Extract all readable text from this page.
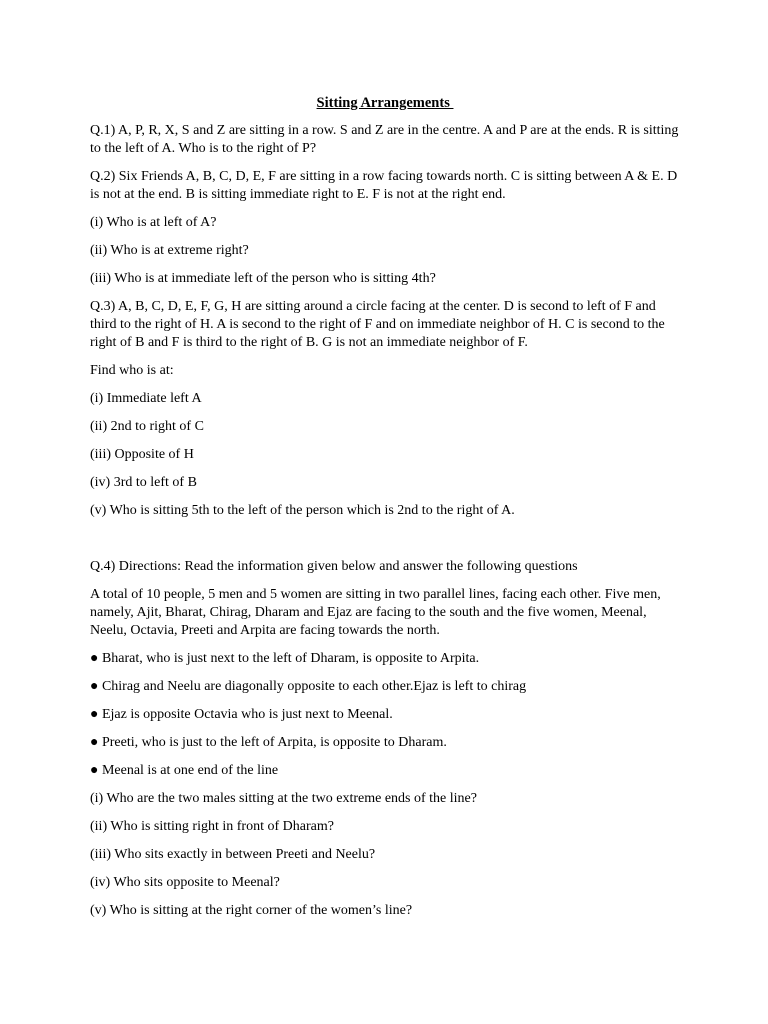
Sitting Arrangements

Q.1) A, P, R, X, S and Z are sitting in a row. S and Z are in the centre. A and P are at the ends. R is sitting to the left of A. Who is to the right of P?

Q.2) Six Friends A, B, C, D, E, F are sitting in a row facing towards north. C is sitting between A & E. D is not at the end. B is sitting immediate right to E. F is not at the right end.

(i) Who is at left of A?

(ii) Who is at extreme right?

(iii) Who is at immediate left of the person who is sitting 4th?

Q.3) A, B, C, D, E, F, G, H are sitting around a circle facing at the center. D is second to left of F and third to the right of H. A is second to the right of F and on immediate neighbor of H. C is second to the right of B and F is third to the right of B. G is not an immediate neighbor of F.

Find who is at:

(i) Immediate left A

(ii) 2nd to right of C

(iii) Opposite of H

(iv) 3rd to left of B

(v) Who is sitting 5th to the left of the person which is 2nd to the right of A.

Q.4) Directions: Read the information given below and answer the following questions

A total of 10 people, 5 men and 5 women are sitting in two parallel lines, facing each other. Five men, namely, Ajit, Bharat, Chirag, Dharam and Ejaz are facing to the south and the five women, Meenal, Neelu, Octavia, Preeti and Arpita are facing towards the north.

● Bharat, who is just next to the left of Dharam, is opposite to Arpita.

● Chirag and Neelu are diagonally opposite to each other.Ejaz is left to chirag

● Ejaz is opposite Octavia who is just next to Meenal.

● Preeti, who is just to the left of Arpita, is opposite to Dharam.

● Meenal is at one end of the line

(i) Who are the two males sitting at the two extreme ends of the line?

(ii) Who is sitting right in front of Dharam?

(iii) Who sits exactly in between Preeti and Neelu?

(iv) Who sits opposite to Meenal?

(v) Who is sitting at the right corner of the women’s line?
